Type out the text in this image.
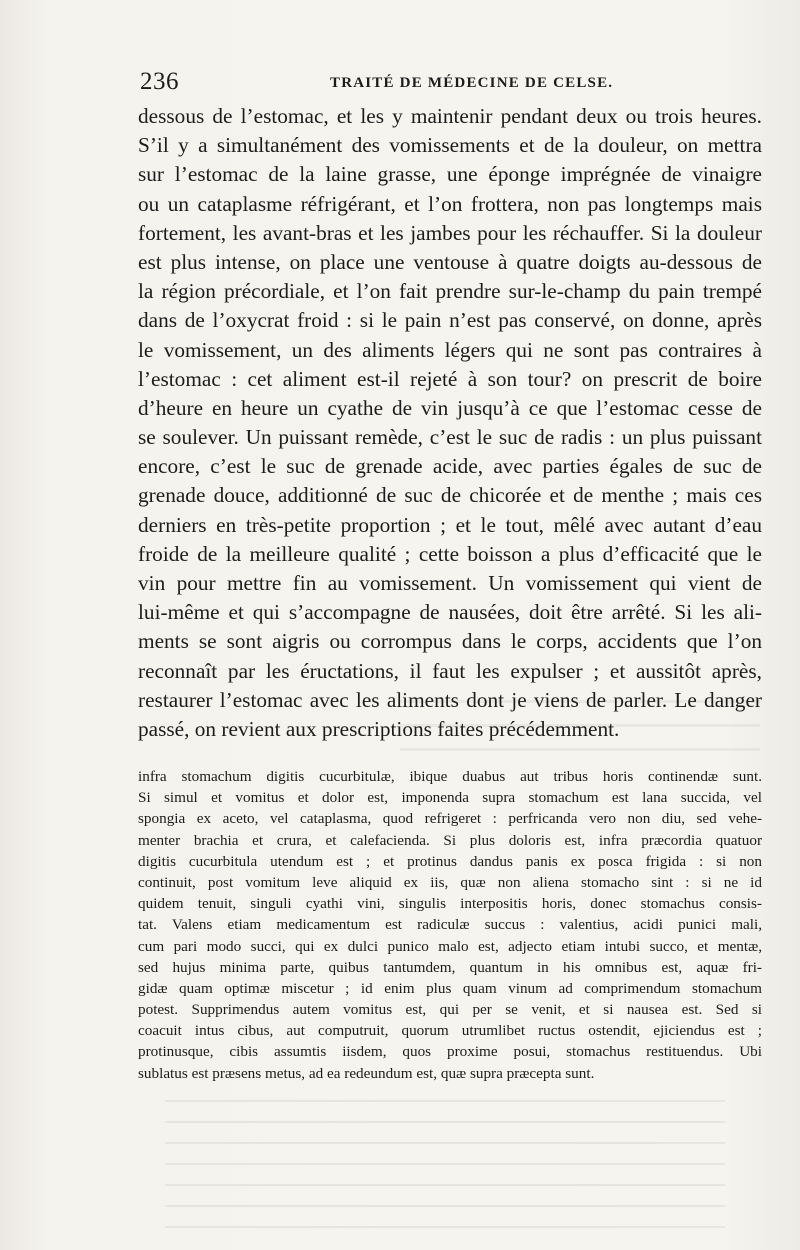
236	TRAITÉ DE MÉDECINE DE CELSE.
dessous de l’estomac, et les y maintenir pendant deux ou trois heures.
S’il y a simultanément des vomissements et de la douleur, on mettra
sur l’estomac de la laine grasse, une éponge imprégnée de vinaigre
ou un cataplasme réfrigérant, et l’on frottera, non pas longtemps mais
fortement, les avant-bras et les jambes pour les réchauffer. Si la douleur
est plus intense, on place une ventouse à quatre doigts au-dessous de
la région précordiale, et l’on fait prendre sur-le-champ du pain trempé
dans de l’oxycrat froid : si le pain n’est pas conservé, on donne, après
le vomissement, un des aliments légers qui ne sont pas contraires à
l’estomac : cet aliment est-il rejeté à son tour? on prescrit de boire
d’heure en heure un cyathe de vin jusqu’à ce que l’estomac cesse de
se soulever. Un puissant remède, c’est le suc de radis : un plus puissant
encore, c’est le suc de grenade acide, avec parties égales de suc de
grenade douce, additionné de suc de chicorée et de menthe ; mais ces
derniers en très-petite proportion ; et le tout, mêlé avec autant d’eau
froide de la meilleure qualité ; cette boisson a plus d’efficacité que le
vin pour mettre fin au vomissement. Un vomissement qui vient de
lui-même et qui s’accompagne de nausées, doit être arrêté. Si les ali-
ments se sont aigris ou corrompus dans le corps, accidents que l’on
reconnaît par les éructations, il faut les expulser ; et aussitôt après,
restaurer l’estomac avec les aliments dont je viens de parler. Le danger
passé, on revient aux prescriptions faites précédemment.
infra stomachum digitis cucurbitulæ, ibique duabus aut tribus horis continendæ sunt.
Si simul et vomitus et dolor est, imponenda supra stomachum est lana succida, vel
spongia ex aceto, vel cataplasma, quod refrigeret : perfricanda vero non diu, sed vehe-
menter brachia et crura, et calefacienda. Si plus doloris est, infra præcordia quatuor
digitis cucurbitula utendum est ; et protinus dandus panis ex posca frigida : si non
continuit, post vomitum leve aliquid ex iis, quæ non aliena stomacho sint : si ne id
quidem tenuit, singuli cyathi vini, singulis interpositis horis, donec stomachus consis-
tat. Valens etiam medicamentum est radiculæ succus : valentius, acidi punici mali,
cum pari modo succi, qui ex dulci punico malo est, adjecto etiam intubi succo, et mentæ,
sed hujus minima parte, quibus tantumdem, quantum in his omnibus est, aquæ fri-
gidæ quam optimæ miscetur ; id enim plus quam vinum ad comprimendum stomachum
potest. Supprimendus autem vomitus est, qui per se venit, et si nausea est. Sed si
coacuit intus cibus, aut computruit, quorum utrumlibet ructus ostendit, ejiciendus est ;
protinusque, cibis assumtis iisdem, quos proxime posui, stomachus restituendus. Ubi
sublatus est præsens metus, ad ea redeundum est, quæ supra præcepta sunt.
